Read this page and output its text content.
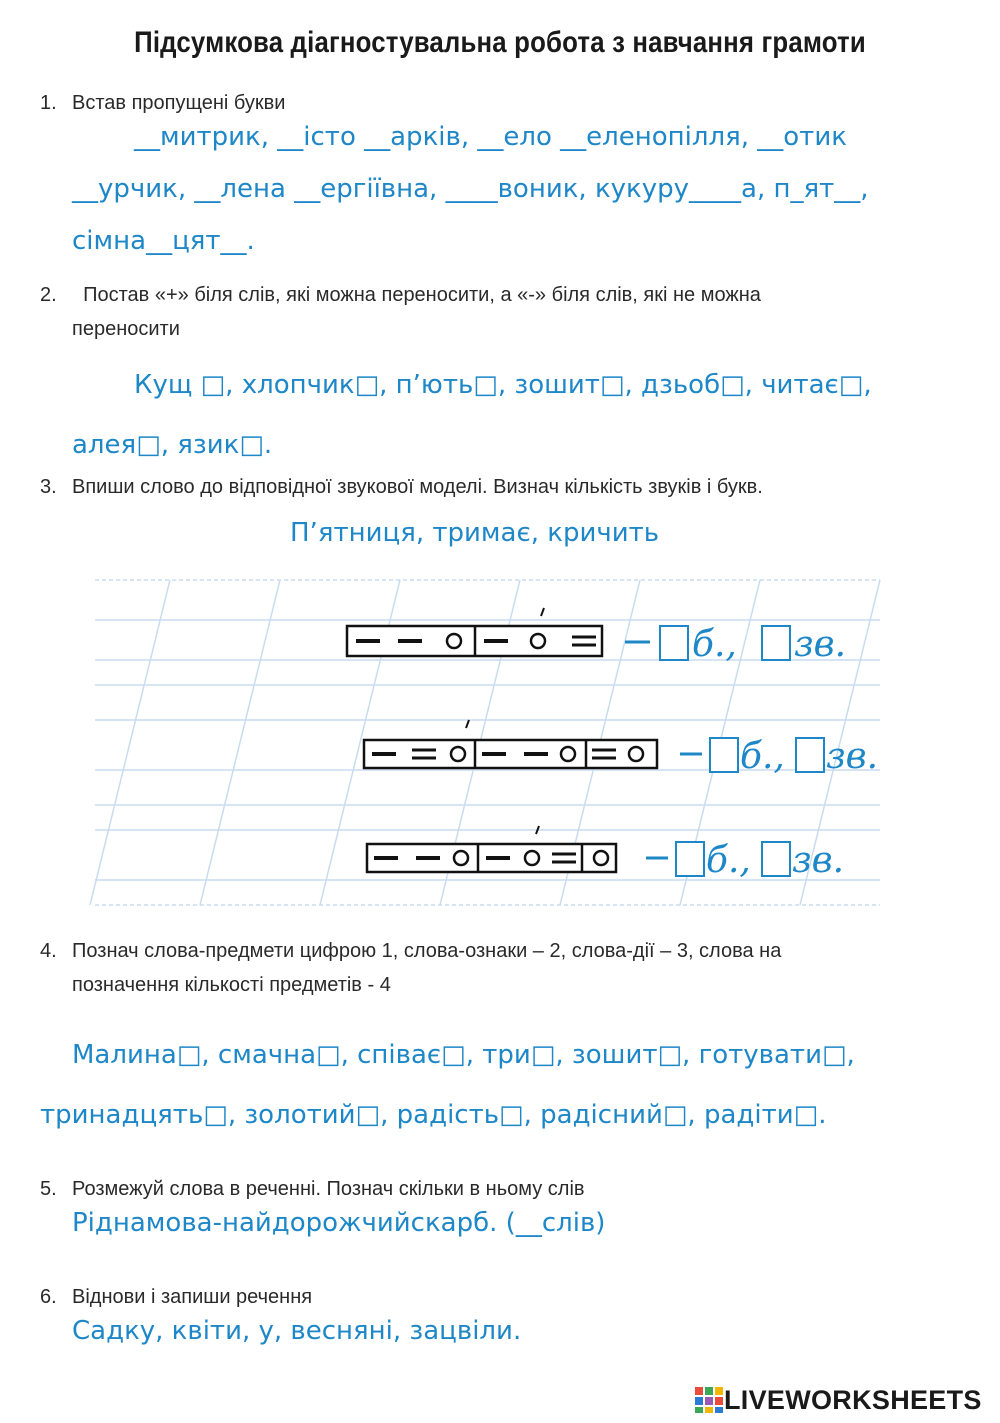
Підсумкова діагностувальна робота з навчання грамоти
1. Встав пропущені букви
__митрик, __істо __арків, __ело __еленопілля, __отик
__урчик, __лена __ергіївна, ____воник, кукуру____а, п_ят__,
сімна__цят__.
2. Постав «+» біля слів, які можна переносити, а «-» біля слів, які не можна
переносити
Кущ □, хлопчик□, п’ють□, зошит□, дзьоб□, читає□,
алея□, язик□.
3. Впиши слово до відповідної звукової моделі. Визнач кількість звуків і букв.
П’ятниця, тримає, кричить
б., зв.
б., зв.
б., зв.
4. Познач слова-предмети цифрою 1, слова-ознаки – 2, слова-дії – 3, слова на
позначення кількості предметів - 4
Малина□, смачна□, співає□, три□, зошит□, готувати□,
тринадцять□, золотий□, радість□, радісний□, радіти□.
5. Розмежуй слова в реченні. Познач скільки в ньому слів
Ріднамова-найдорожчийскарб. (__слів)
6. Віднови і запиши речення
Садку, квіти, у, весняні, зацвіли.
LIVEWORKSHEETS
